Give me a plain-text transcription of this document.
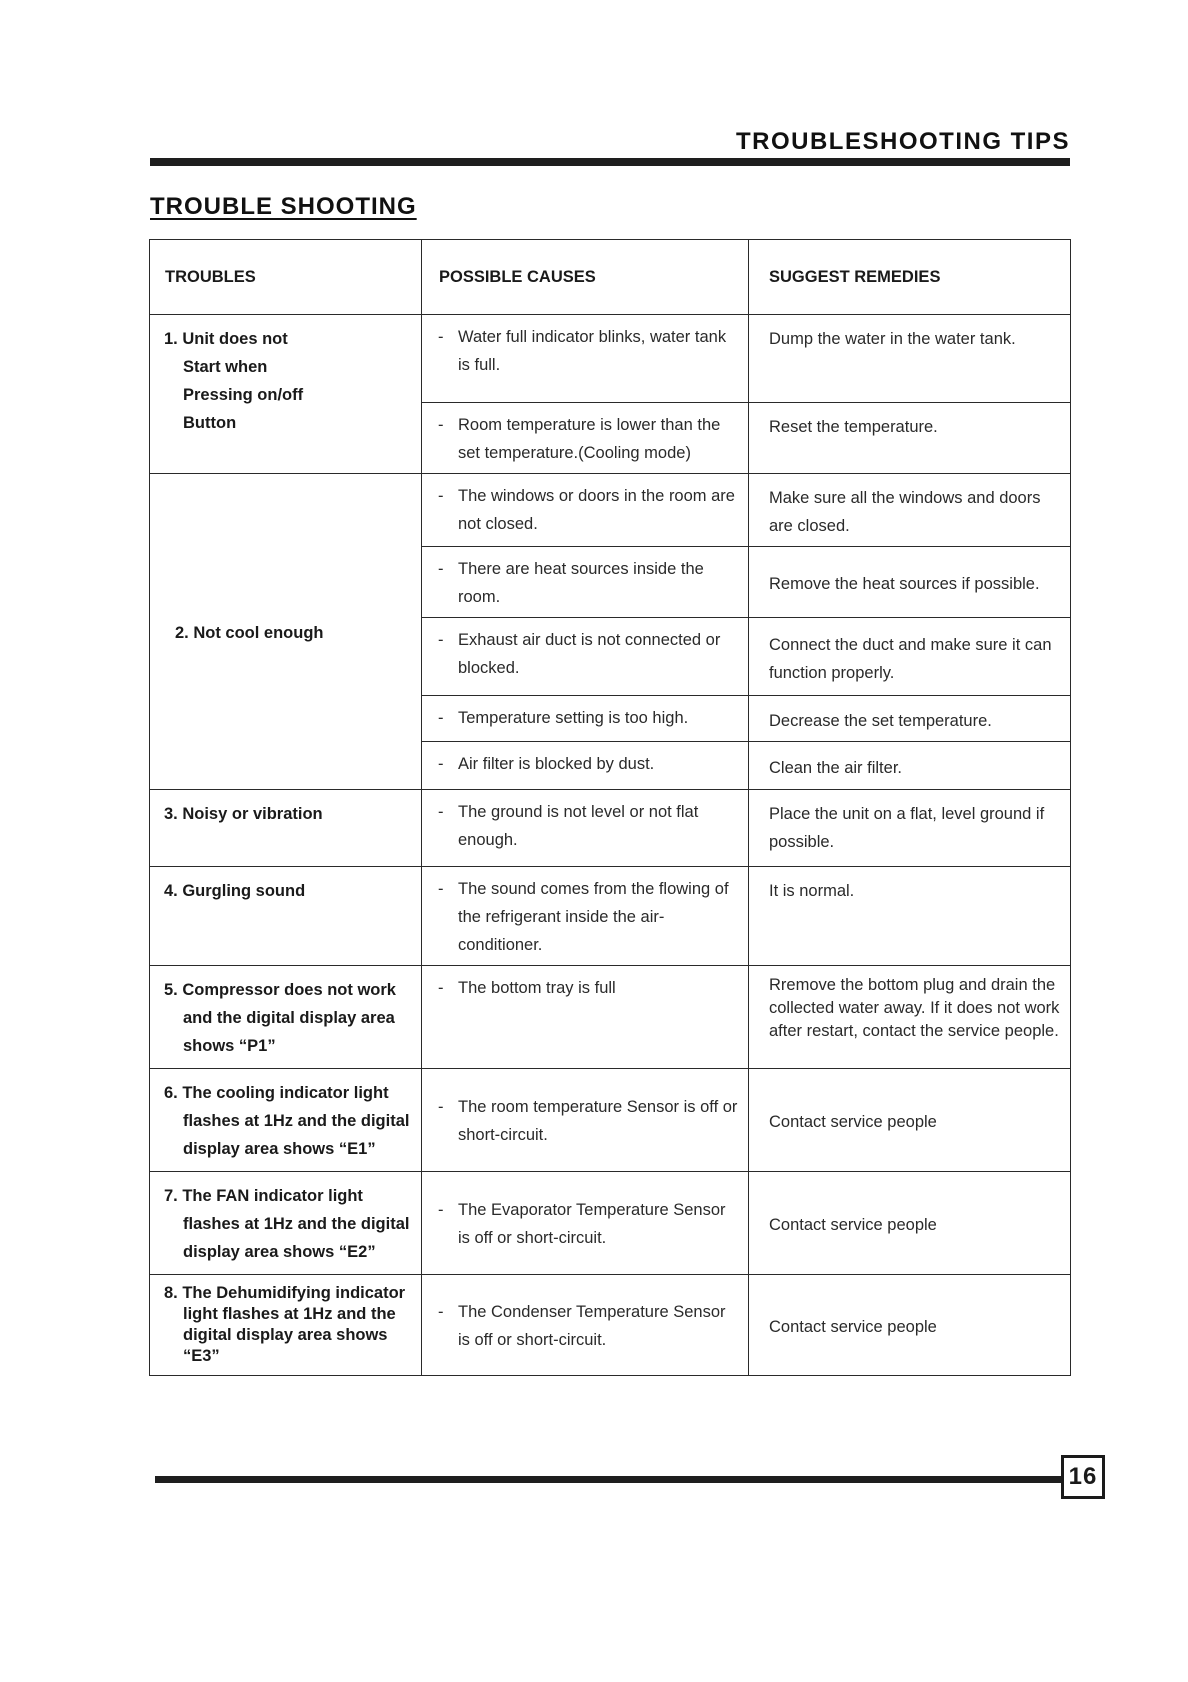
TROUBLESHOOTING TIPS
TROUBLE SHOOTING
TROUBLES	POSSIBLE CAUSES	SUGGEST REMEDIES

1. Unit does not
Start when
Pressing on/off
Button	- Water full indicator blinks, water tank is full.	Dump the water in the water tank.

	- Room temperature is lower than the set temperature.(Cooling mode)	Reset the temperature.

2. Not cool enough	- The windows or doors in the room are not closed.	Make sure all the windows and doors are closed.

	- There are heat sources inside the room.	Remove the heat sources if possible.

	- Exhaust air duct is not connected or blocked.	Connect the duct and make sure it can function properly.

	- Temperature setting is too high.	Decrease the set temperature.

	- Air filter is blocked by dust.	Clean the air filter.

3. Noisy or vibration	- The ground is not level or not flat enough.	Place the unit on a flat, level ground if possible.

4. Gurgling sound	- The sound comes from the flowing of the refrigerant inside the air-conditioner.	It is normal.

5. Compressor does not work
and the digital display area
shows “P1”	- The bottom tray is full	Rremove the bottom plug and drain the collected water away. If it does not work after restart, contact the service people.

6. The cooling indicator light
flashes at 1Hz and the digital
display area shows “E1”	- The room temperature Sensor is off or short-circuit.	Contact service people

7. The FAN indicator light
flashes at 1Hz and the digital
display area shows “E2”	- The Evaporator Temperature Sensor is off or short-circuit.	Contact service people

8. The Dehumidifying indicator
light flashes at 1Hz and the
digital display area shows
“E3”	- The Condenser Temperature Sensor is off or short-circuit.	Contact service people
16
